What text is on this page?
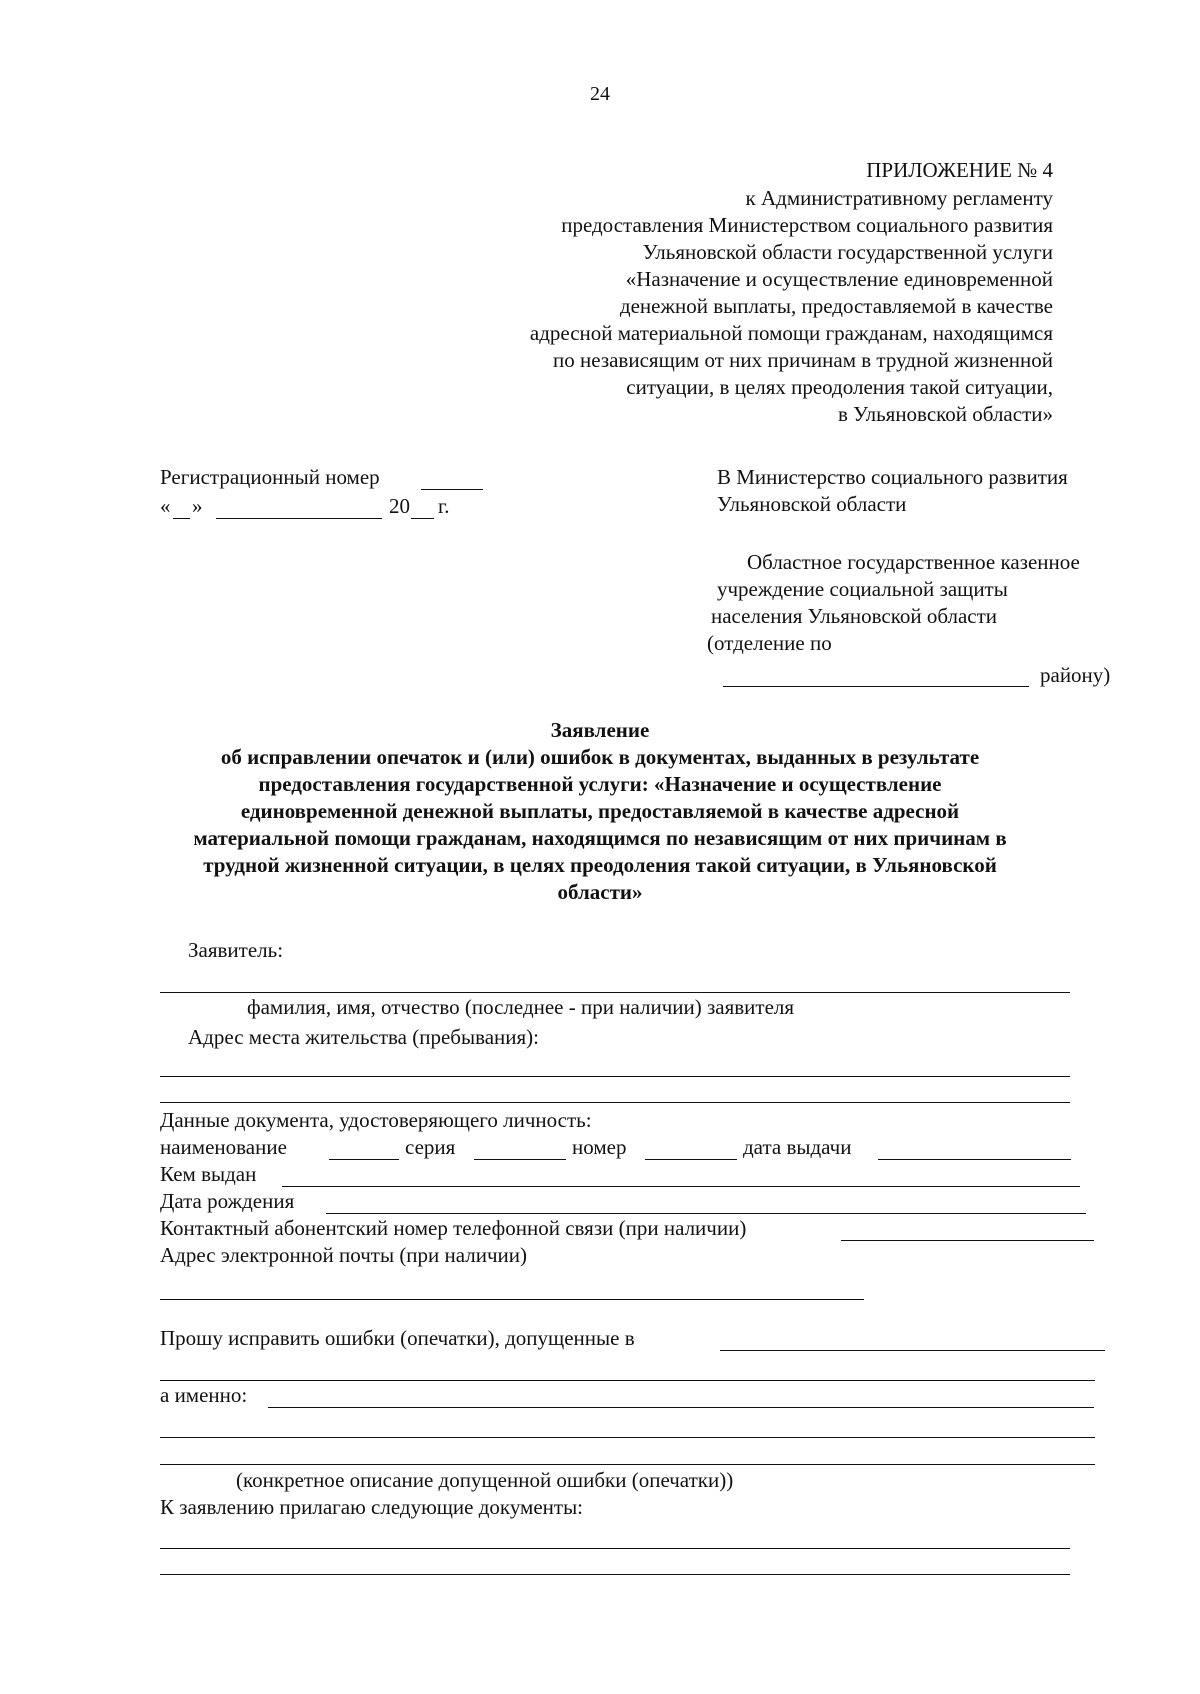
24
ПРИЛОЖЕНИЕ № 4
к Административному регламенту
предоставления Министерством социального развития
Ульяновской области государственной услуги
«Назначение и осуществление единовременной
денежной выплаты, предоставляемой в качестве
адресной материальной помощи гражданам, находящимся
по независящим от них причинам в трудной жизненной
ситуации, в целях преодоления такой ситуации,
в Ульяновской области»
Регистрационный номер
« »	20 г.
В Министерство социального развития
Ульяновской области
Областное государственное казенное
учреждение социальной защиты
населения Ульяновской области
(отделение по
району)
Заявление
об исправлении опечаток и (или) ошибок в документах, выданных в результате
предоставления государственной услуги: «Назначение и осуществление
единовременной денежной выплаты, предоставляемой в качестве адресной
материальной помощи гражданам, находящимся по независящим от них причинам в
трудной жизненной ситуации, в целях преодоления такой ситуации, в Ульяновской
области»
Заявитель:
фамилия, имя, отчество (последнее - при наличии) заявителя
Адрес места жительства (пребывания):
Данные документа, удостоверяющего личность:
наименование	серия	номер	дата выдачи
Кем выдан
Дата рождения
Контактный абонентский номер телефонной связи (при наличии)
Адрес электронной почты (при наличии)
Прошу исправить ошибки (опечатки), допущенные в
а именно:
(конкретное описание допущенной ошибки (опечатки))
К заявлению прилагаю следующие документы:
